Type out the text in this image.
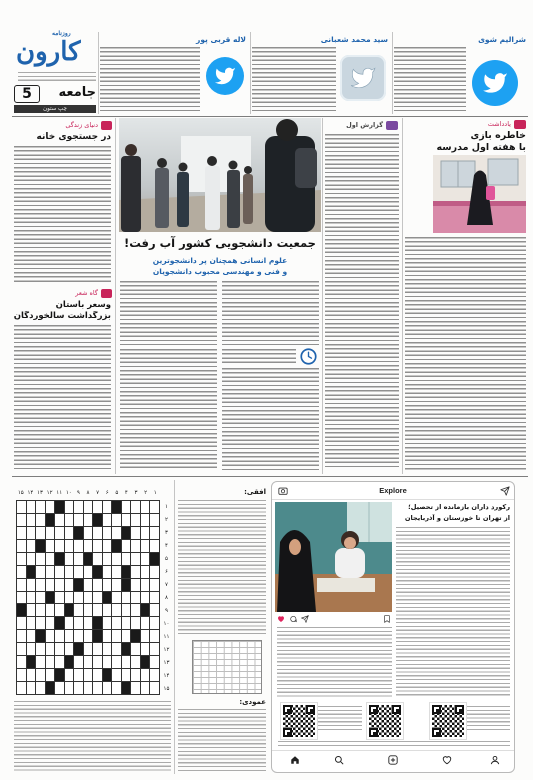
روزنامه
کارون
5	جامعه
چپ ستون
لاله قربی پور	سید محمد شعبانی	شرالیم شوی
دنیای زندگی
در جستجوی خانه
گاه شعر
وسعر باستان
بزرگداشت سالخوردگان
گزارش اول
جمعیت دانشجویی کشور آب رفت!
علوم انسانی همچنان پر دانشجوترین
و فنی و مهندسی محبوب دانشجویان
یادداشت
خاطره بازی
با هفته اول مدرسه
۱
۲
۳
۴
۵
۶
۷
۸
۹
۱۰
۱۱
۱۲
۱۳
۱۴
۱۵
۱
۲
۳
۴
۵
۶
۷
۸
۹
۱۰
۱۱
۱۲
۱۳
۱۴
۱۵
افقی:
عمودی:
Explore
رکورد داران بازمانده از تحصیل؛
از تهران تا خوزستان و آذربایجان
